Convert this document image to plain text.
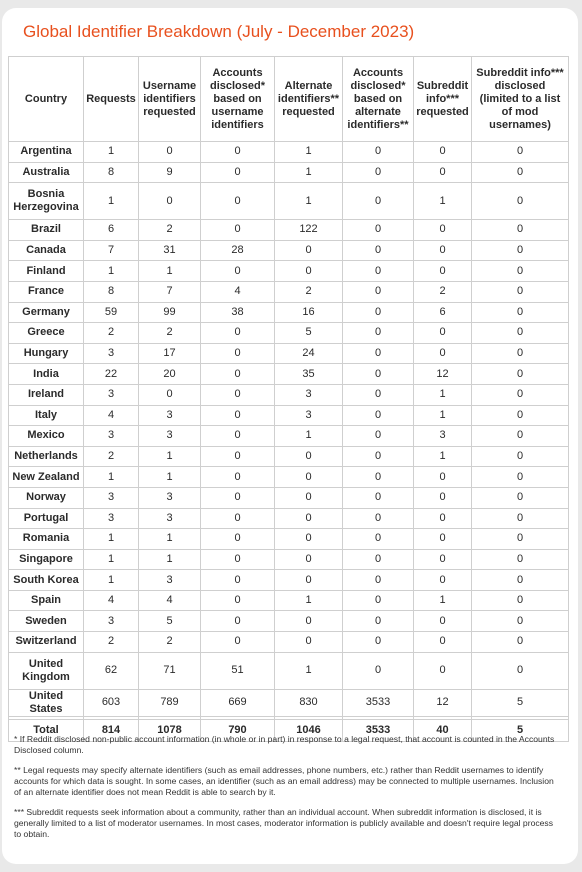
Global Identifier Breakdown (July - December 2023)
Country	Requests	Username identifiers requested	Accounts disclosed* based on username identifiers	Alternate identifiers** requested	Accounts disclosed* based on alternate identifiers**	Subreddit info*** requested	Subreddit info*** disclosed (limited to a list of mod usernames)
Argentina	1	0	0	1	0	0	0
Australia	8	9	0	1	0	0	0
Bosnia Herzegovina	1	0	0	1	0	1	0
Brazil	6	2	0	122	0	0	0
Canada	7	31	28	0	0	0	0
Finland	1	1	0	0	0	0	0
France	8	7	4	2	0	2	0
Germany	59	99	38	16	0	6	0
Greece	2	2	0	5	0	0	0
Hungary	3	17	0	24	0	0	0
India	22	20	0	35	0	12	0
Ireland	3	0	0	3	0	1	0
Italy	4	3	0	3	0	1	0
Mexico	3	3	0	1	0	3	0
Netherlands	2	1	0	0	0	1	0
New Zealand	1	1	0	0	0	0	0
Norway	3	3	0	0	0	0	0
Portugal	3	3	0	0	0	0	0
Romania	1	1	0	0	0	0	0
Singapore	1	1	0	0	0	0	0
South Korea	1	3	0	0	0	0	0
Spain	4	4	0	1	0	1	0
Sweden	3	5	0	0	0	0	0
Switzerland	2	2	0	0	0	0	0
United Kingdom	62	71	51	1	0	0	0
United States	603	789	669	830	3533	12	5

Total	814	1078	790	1046	3533	40	5

* If Reddit disclosed non-public account information (in whole or in part) in response to a legal request, that account is counted in the Accounts Disclosed column.

** Legal requests may specify alternate identifiers (such as email addresses, phone numbers, etc.) rather than Reddit usernames to identify accounts for which data is sought. In some cases, an identifier (such as an email address) may be connected to multiple usernames. Inclusion of an alternate identifier does not mean Reddit is able to search by it.

*** Subreddit requests seek information about a community, rather than an individual account. When subreddit information is disclosed, it is generally limited to a list of moderator usernames. In most cases, moderator information is publicly available and doesn't require legal process to obtain.
